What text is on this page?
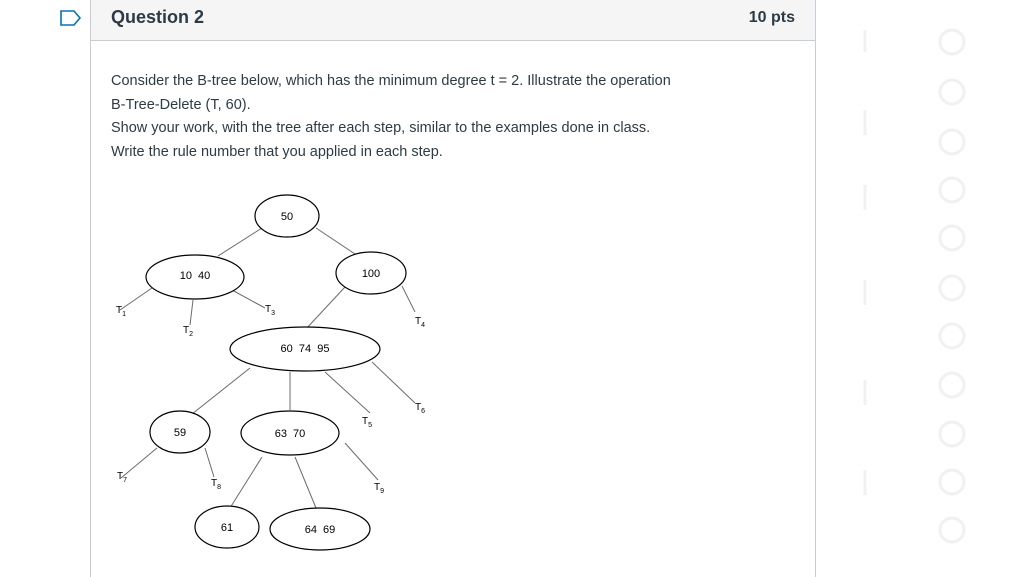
Question 2	10 pts

Consider the B-tree below, which has the minimum degree t = 2. Illustrate the operation

B-Tree-Delete (T, 60).

Show your work, with the tree after each step, similar to the examples done in class.

Write the rule number that you applied in each step.

50
10  40	100
60  74  95
59	63  70
61	64  69
$T_1$
$T_2$
$T_3$
$T_4$
$T_5$
$T_6$
$T_7$	$T_8$	$T_9$
